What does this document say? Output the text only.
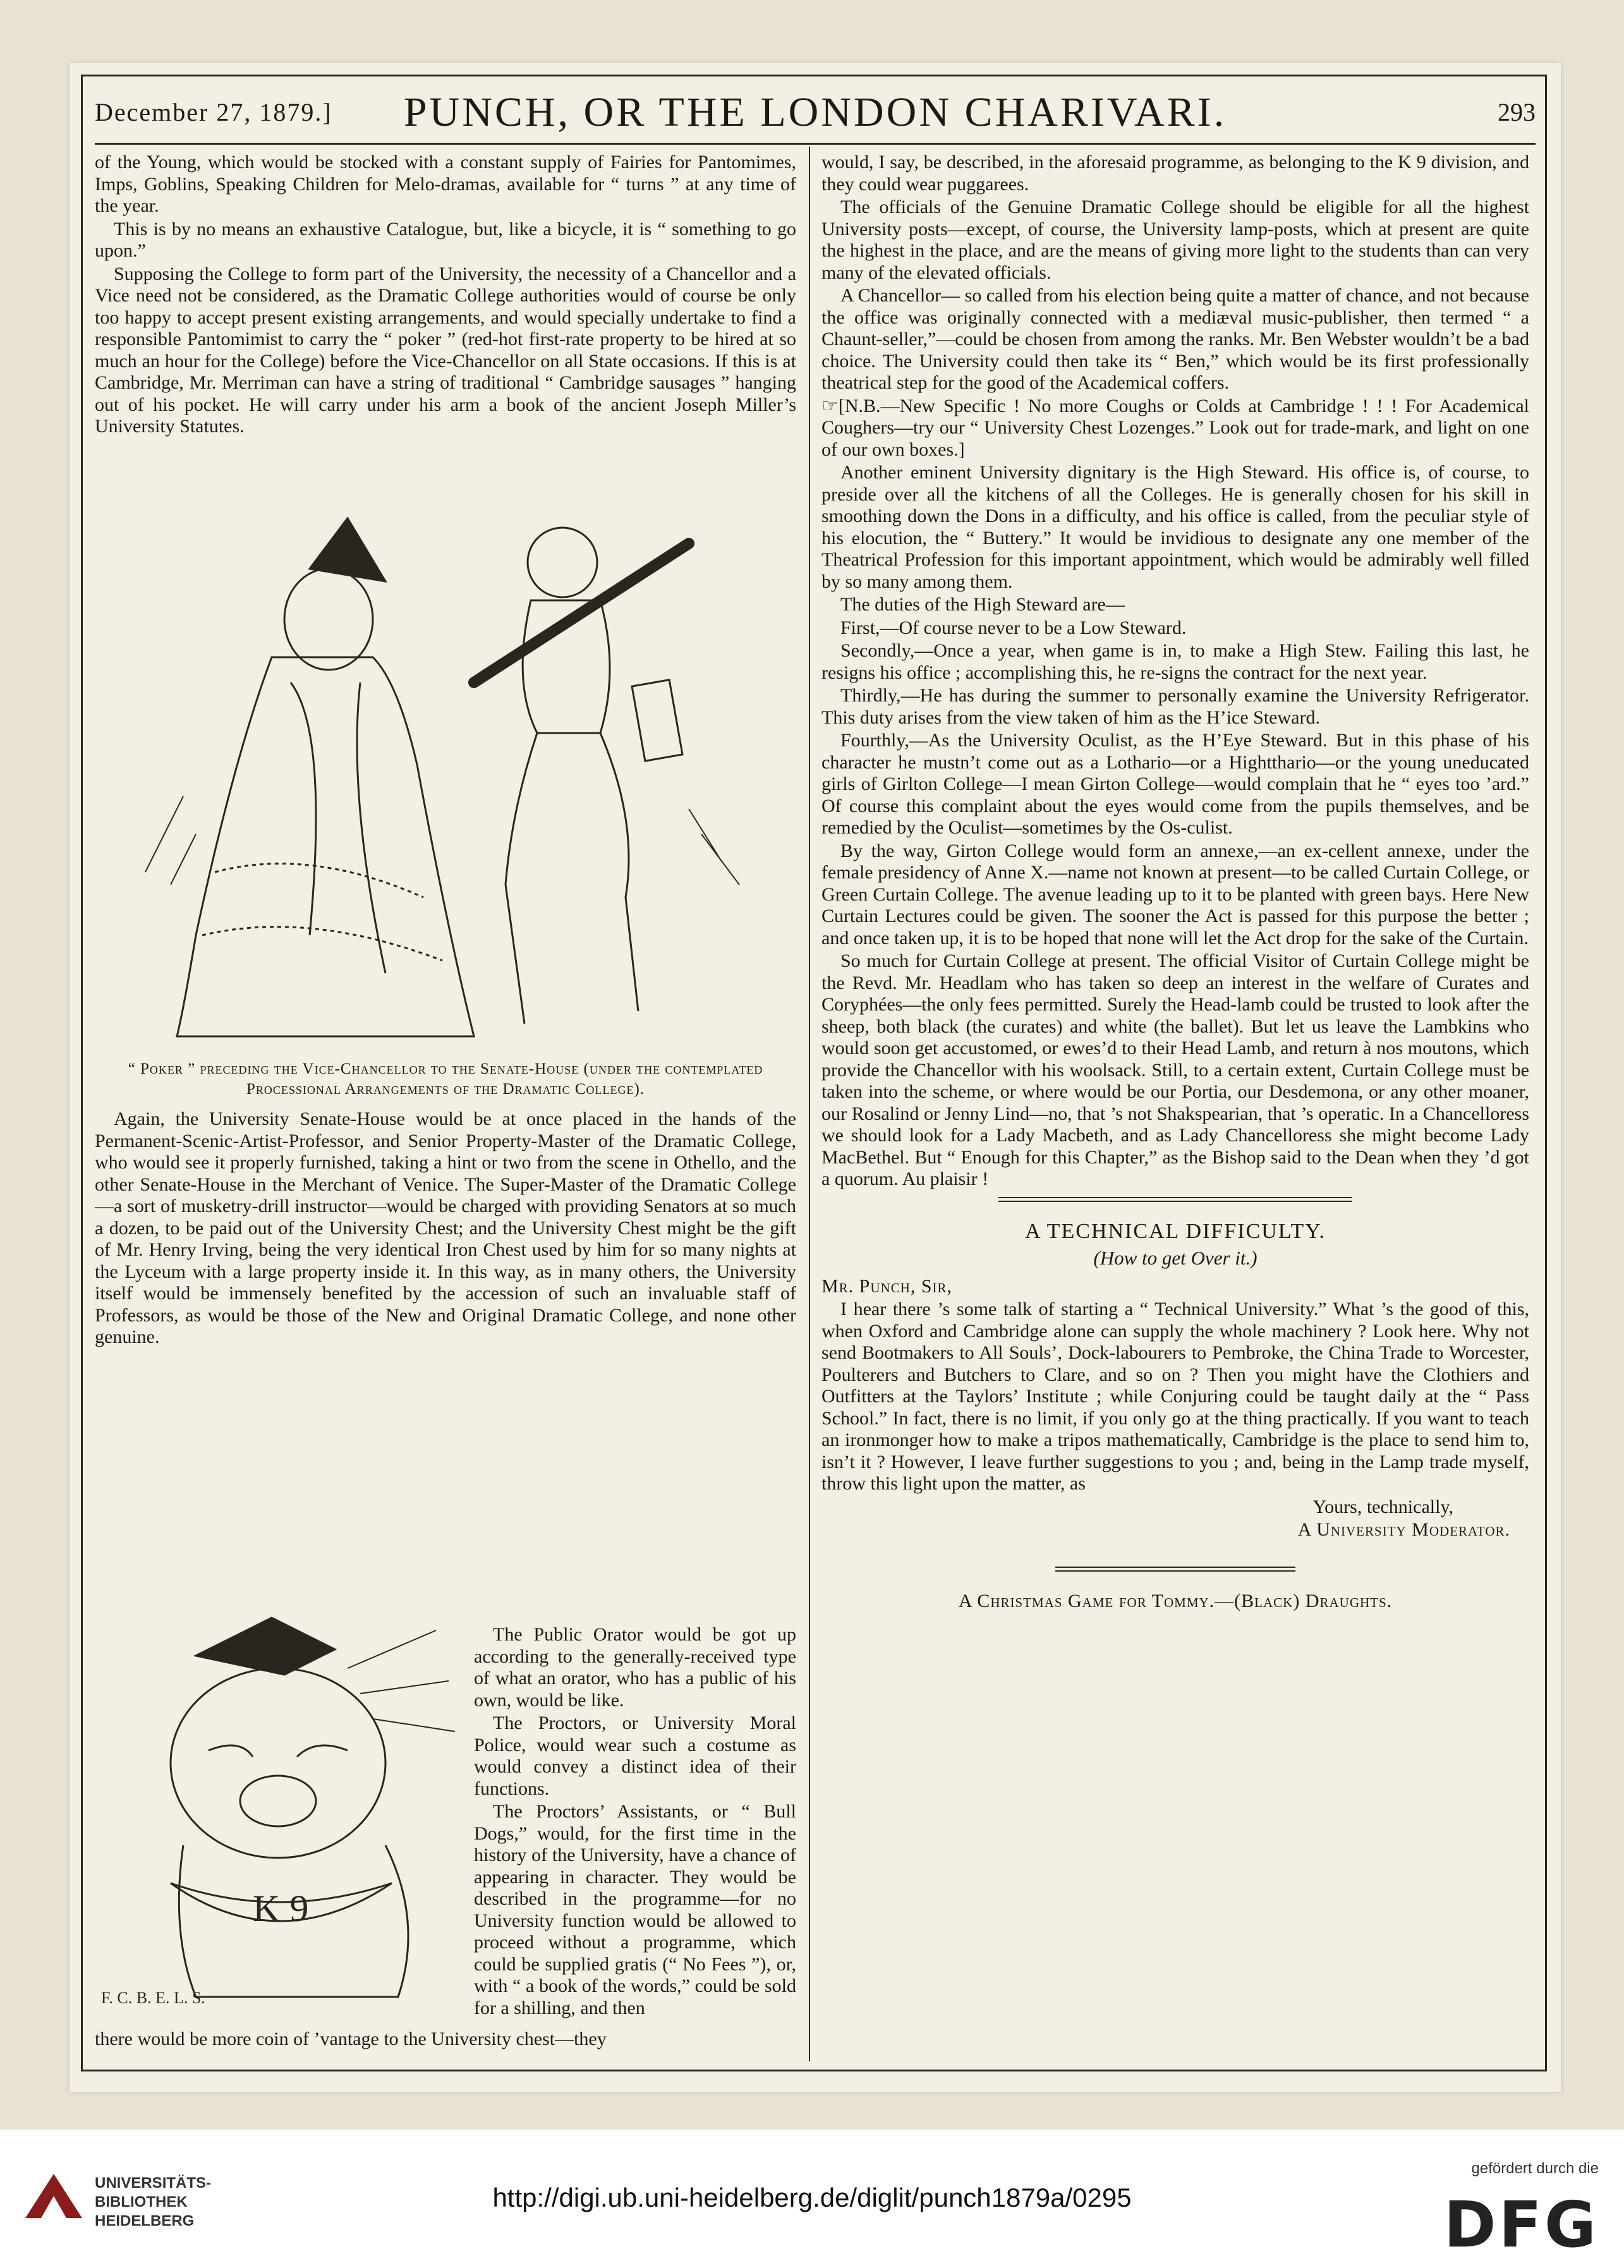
December 27, 1879.]	PUNCH, OR THE LONDON CHARIVARI.	293

of the Young, which would be stocked with a constant supply of Fairies for Pantomimes, Imps, Goblins, Speaking Children for Melo-dramas, available for “ turns ” at any time of the year.

This is by no means an exhaustive Catalogue, but, like a bicycle, it is “ something to go upon.”

Supposing the College to form part of the University, the necessity of a Chancellor and a Vice need not be considered, as the Dramatic College authorities would of course be only too happy to accept present existing arrangements, and would specially undertake to find a responsible Pantomimist to carry the “ poker ” (red-hot first-rate property to be hired at so much an hour for the College) before the Vice-Chancellor on all State occasions. If this is at Cambridge, Mr. Merriman can have a string of traditional “ Cambridge sausages ” hanging out of his pocket. He will carry under his arm a book of the ancient Joseph Miller’s University Statutes.

“ Poker ” preceding the Vice-Chancellor to the Senate-House (under the contemplated Processional Arrangements of the Dramatic College).

Again, the University Senate-House would be at once placed in the hands of the Permanent-Scenic-Artist-Professor, and Senior Property-Master of the Dramatic College, who would see it properly furnished, taking a hint or two from the scene in Othello, and the other Senate-House in the Merchant of Venice. The Super-Master of the Dramatic College—a sort of musketry-drill instructor—would be charged with providing Senators at so much a dozen, to be paid out of the University Chest; and the University Chest might be the gift of Mr. Henry Irving, being the very identical Iron Chest used by him for so many nights at the Lyceum with a large property inside it. In this way, as in many others, the University itself would be immensely benefited by the accession of such an invaluable staff of Professors, as would be those of the New and Original Dramatic College, and none other genuine.

K 9
F. C. B. E. L. S.

The Public Orator would be got up according to the generally-received type of what an orator, who has a public of his own, would be like.

The Proctors, or University Moral Police, would wear such a costume as would convey a distinct idea of their functions.

The Proctors’ Assistants, or “ Bull Dogs,” would, for the first time in the history of the University, have a chance of appearing in character. They would be described in the programme—for no University function would be allowed to proceed without a programme, which could be supplied gratis (“ No Fees ”), or, with “ a book of the words,” could be sold for a shilling, and then

there would be more coin of ’vantage to the University chest—they

would, I say, be described, in the aforesaid programme, as belonging to the K 9 division, and they could wear puggarees.

The officials of the Genuine Dramatic College should be eligible for all the highest University posts—except, of course, the University lamp-posts, which at present are quite the highest in the place, and are the means of giving more light to the students than can very many of the elevated officials.

A Chancellor— so called from his election being quite a matter of chance, and not because the office was originally connected with a mediæval music-publisher, then termed “ a Chaunt-seller,”—could be chosen from among the ranks. Mr. Ben Webster wouldn’t be a bad choice. The University could then take its “ Ben,” which would be its first professionally theatrical step for the good of the Academical coffers.

☞[N.B.—New Specific ! No more Coughs or Colds at Cambridge ! ! ! For Academical Coughers—try our “ University Chest Lozenges.” Look out for trade-mark, and light on one of our own boxes.]

Another eminent University dignitary is the High Steward. His office is, of course, to preside over all the kitchens of all the Colleges. He is generally chosen for his skill in smoothing down the Dons in a difficulty, and his office is called, from the peculiar style of his elocution, the “ Buttery.” It would be invidious to designate any one member of the Theatrical Profession for this important appointment, which would be admirably well filled by so many among them.

The duties of the High Steward are—

First,—Of course never to be a Low Steward.

Secondly,—Once a year, when game is in, to make a High Stew. Failing this last, he resigns his office ; accomplishing this, he re-signs the contract for the next year.

Thirdly,—He has during the summer to personally examine the University Refrigerator. This duty arises from the view taken of him as the H’ice Steward.

Fourthly,—As the University Oculist, as the H’Eye Steward. But in this phase of his character he mustn’t come out as a Lothario—or a Hightthario—or the young uneducated girls of Girlton College—I mean Girton College—would complain that he “ eyes too ’ard.” Of course this complaint about the eyes would come from the pupils themselves, and be remedied by the Oculist—sometimes by the Os-culist.

By the way, Girton College would form an annexe,—an ex-cellent annexe, under the female presidency of Anne X.—name not known at present—to be called Curtain College, or Green Curtain College. The avenue leading up to it to be planted with green bays. Here New Curtain Lectures could be given. The sooner the Act is passed for this purpose the better ; and once taken up, it is to be hoped that none will let the Act drop for the sake of the Curtain.

So much for Curtain College at present. The official Visitor of Curtain College might be the Revd. Mr. Headlam who has taken so deep an interest in the welfare of Curates and Coryphées—the only fees permitted. Surely the Head-lamb could be trusted to look after the sheep, both black (the curates) and white (the ballet). But let us leave the Lambkins who would soon get accustomed, or ewes’d to their Head Lamb, and return à nos moutons, which provide the Chancellor with his woolsack. Still, to a certain extent, Curtain College must be taken into the scheme, or where would be our Portia, our Desdemona, or any other moaner, our Rosalind or Jenny Lind—no, that ’s not Shakspearian, that ’s operatic. In a Chancelloress we should look for a Lady Macbeth, and as Lady Chancelloress she might become Lady MacBethel. But “ Enough for this Chapter,” as the Bishop said to the Dean when they ’d got a quorum. Au plaisir !

A TECHNICAL DIFFICULTY.
(How to get Over it.)

Mr. Punch, Sir,

I hear there ’s some talk of starting a “ Technical University.” What ’s the good of this, when Oxford and Cambridge alone can supply the whole machinery ? Look here. Why not send Bootmakers to All Souls’, Dock-labourers to Pembroke, the China Trade to Worcester, Poulterers and Butchers to Clare, and so on ? Then you might have the Clothiers and Outfitters at the Taylors’ Institute ; while Conjuring could be taught daily at the “ Pass School.” In fact, there is no limit, if you only go at the thing practically. If you want to teach an ironmonger how to make a tripos mathematically, Cambridge is the place to send him to, isn’t it ? However, I leave further suggestions to you ; and, being in the Lamp trade myself, throw this light upon the matter, as

Yours, technically,

A University Moderator.

A Christmas Game for Tommy.—(Black) Draughts.

UNIVERSITÄTS-
BIBLIOTHEK
HEIDELBERG
http://digi.ub.uni-heidelberg.de/diglit/punch1879a/0295
gefördert durch die
DFG
